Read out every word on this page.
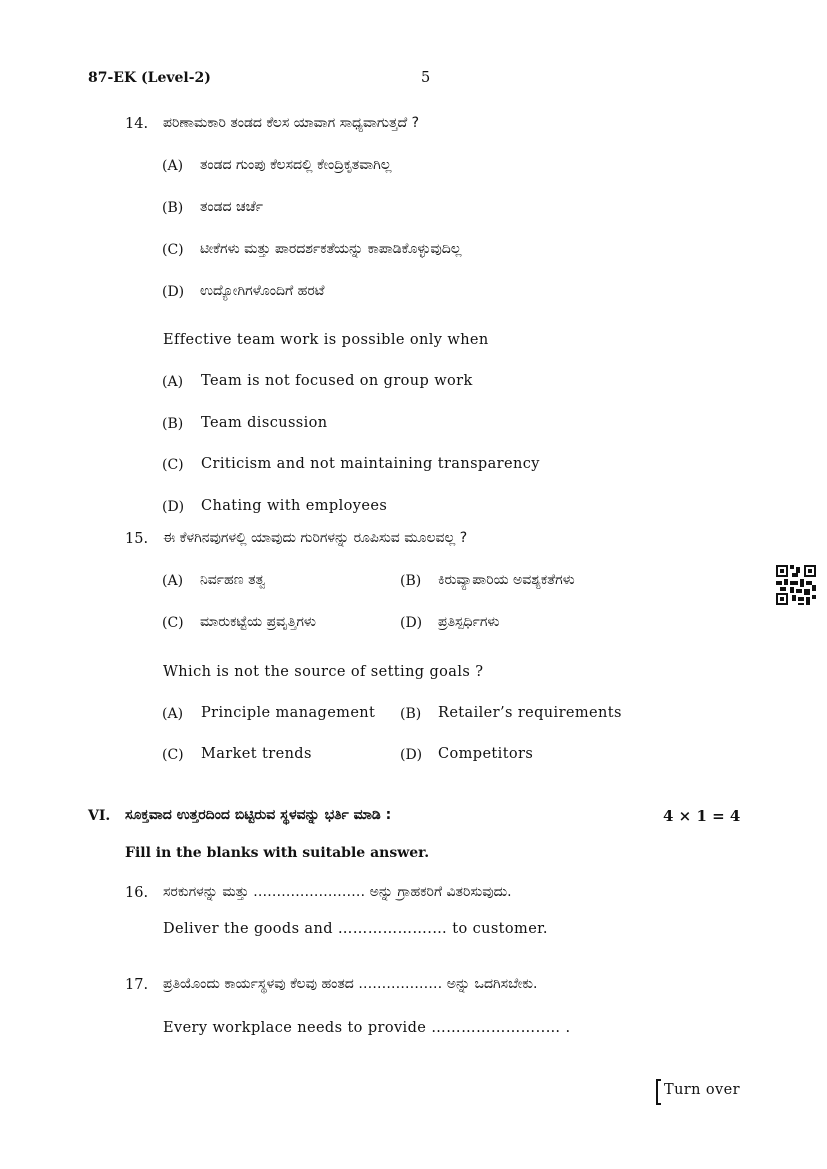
87-EK (Level-2)	5
14. ಪರಿಣಾಮಕಾರಿ ತಂಡದ ಕೆಲಸ ಯಾವಾಗ ಸಾಧ್ಯವಾಗುತ್ತದೆ ?
(A) ತಂಡದ ಗುಂಪು ಕೆಲಸದಲ್ಲಿ ಕೇಂದ್ರಿಕೃತವಾಗಿಲ್ಲ
(B) ತಂಡದ ಚರ್ಚೆ
(C) ಟೀಕೆಗಳು ಮತ್ತು ಪಾರದರ್ಶಕತೆಯನ್ನು ಕಾಪಾಡಿಕೊಳ್ಳುವುದಿಲ್ಲ
(D) ಉದ್ಯೋಗಿಗಳೊಂದಿಗೆ ಹರಟೆ
Effective team work is possible only when
(A) Team is not focused on group work
(B) Team discussion
(C) Criticism and not maintaining transparency
(D) Chating with employees
15. ಈ ಕೆಳಗಿನವುಗಳಲ್ಲಿ ಯಾವುದು ಗುರಿಗಳನ್ನು ರೂಪಿಸುವ ಮೂಲವಲ್ಲ ?
(A) ನಿರ್ವಹಣ ತತ್ವ	(B) ಕಿರುವ್ಯಾಪಾರಿಯ ಅವಶ್ಯಕತೆಗಳು
(C) ಮಾರುಕಟ್ಟೆಯ ಪ್ರವೃತ್ತಿಗಳು	(D) ಪ್ರತಿಸ್ಪರ್ಧಿಗಳು
Which is not the source of setting goals ?
(A) Principle management (B) Retailer’s requirements
(C) Market trends	(D) Competitors
VI. ಸೂಕ್ತವಾದ ಉತ್ತರದಿಂದ ಬಿಟ್ಟಿರುವ ಸ್ಥಳವನ್ನು ಭರ್ತಿ ಮಾಡಿ :	4 × 1 = 4
Fill in the blanks with suitable answer.
16. ಸರಕುಗಳನ್ನು ಮತ್ತು …………………… ಅನ್ನು ಗ್ರಾಹಕರಿಗೆ ವಿತರಿಸುವುದು.
Deliver the goods and ……………….… to customer.
17. ಪ್ರತಿಯೊಂದು ಕಾರ್ಯಸ್ಥಳವು ಕೆಲವು ಹಂತದ ……………… ಅನ್ನು ಒದಗಿಸಬೇಕು.
Every workplace needs to provide …………………..… .
Turn over
